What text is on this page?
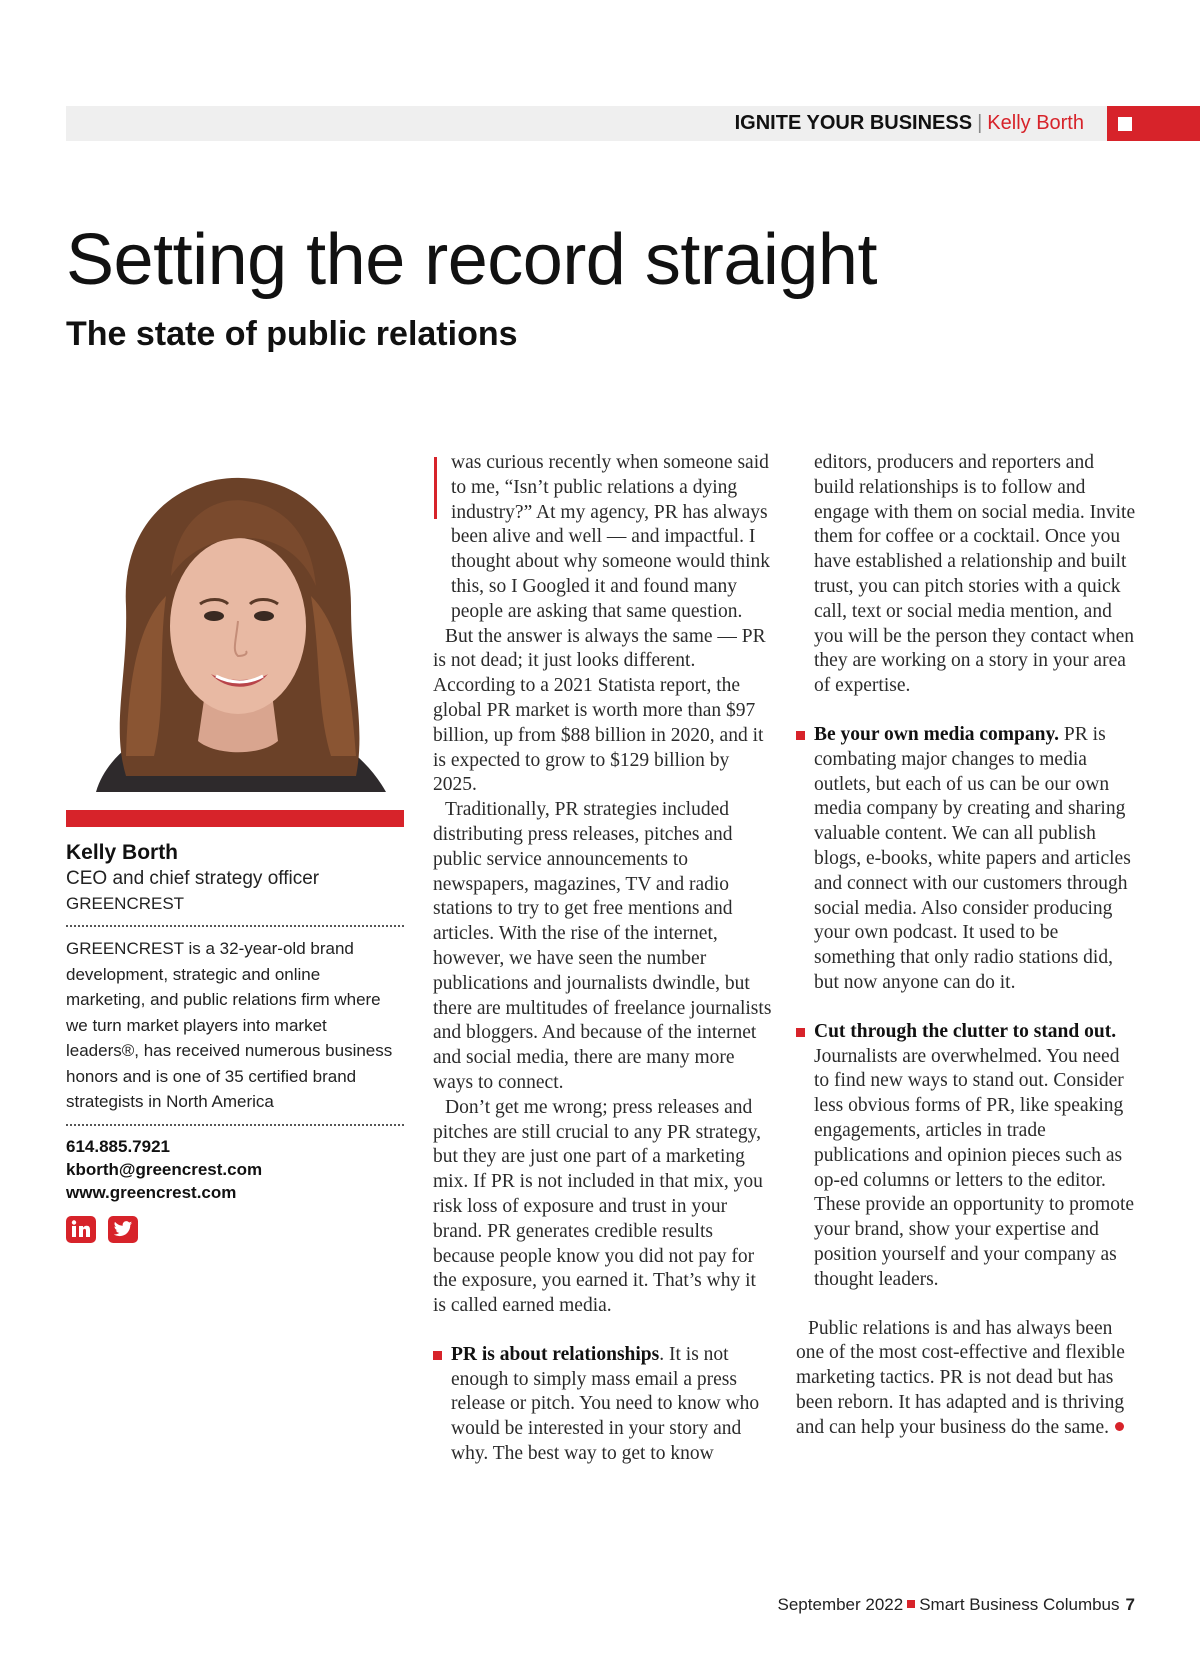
IGNITE YOUR BUSINESS | Kelly Borth
Setting the record straight
The state of public relations
Kelly Borth
CEO and chief strategy officer
GREENCREST

GREENCREST is a 32-year-old brand development, strategic and online marketing, and public relations firm where we turn market players into market leaders®, has received numerous business honors and is one of 35 certified brand strategists in North America

614.885.7921
kborth@greencrest.com
www.greencrest.com

was curious recently when someone said to me, “Isn’t public relations a dying industry?” At my agency, PR has always been alive and well — and impactful. I thought about why someone would think this, so I Googled it and found many people are asking that same question.

But the answer is always the same — PR is not dead; it just looks different. According to a 2021 Statista report, the global PR market is worth more than $97 billion, up from $88 billion in 2020, and it is expected to grow to $129 billion by 2025.

Traditionally, PR strategies included distributing press releases, pitches and public service announcements to newspapers, magazines, TV and radio stations to try to get free mentions and articles. With the rise of the internet, however, we have seen the number publications and journalists dwindle, but there are multitudes of freelance journalists and bloggers. And because of the internet and social media, there are many more ways to connect.

Don’t get me wrong; press releases and pitches are still crucial to any PR strategy, but they are just one part of a marketing mix. If PR is not included in that mix, you risk loss of exposure and trust in your brand. PR generates credible results because people know you did not pay for the exposure, you earned it. That’s why it is called earned media.

PR is about relationships. It is not enough to simply mass email a press release or pitch. You need to know who would be interested in your story and why. The best way to get to know

editors, producers and reporters and build relationships is to follow and engage with them on social media. Invite them for coffee or a cocktail. Once you have established a relationship and built trust, you can pitch stories with a quick call, text or social media mention, and you will be the person they contact when they are working on a story in your area of expertise.

Be your own media company. PR is combating major changes to media outlets, but each of us can be our own media company by creating and sharing valuable content. We can all publish blogs, e-books, white papers and articles and connect with our customers through social media. Also consider producing your own podcast. It used to be something that only radio stations did, but now anyone can do it.

Cut through the clutter to stand out. Journalists are overwhelmed. You need to find new ways to stand out. Consider less obvious forms of PR, like speaking engagements, articles in trade publications and opinion pieces such as op-ed columns or letters to the editor. These provide an opportunity to promote your brand, show your expertise and position yourself and your company as thought leaders.

Public relations is and has always been one of the most cost-effective and flexible marketing tactics. PR is not dead but has been reborn. It has adapted and is thriving and can help your business do the same.

September 2022 Smart Business Columbus 7
